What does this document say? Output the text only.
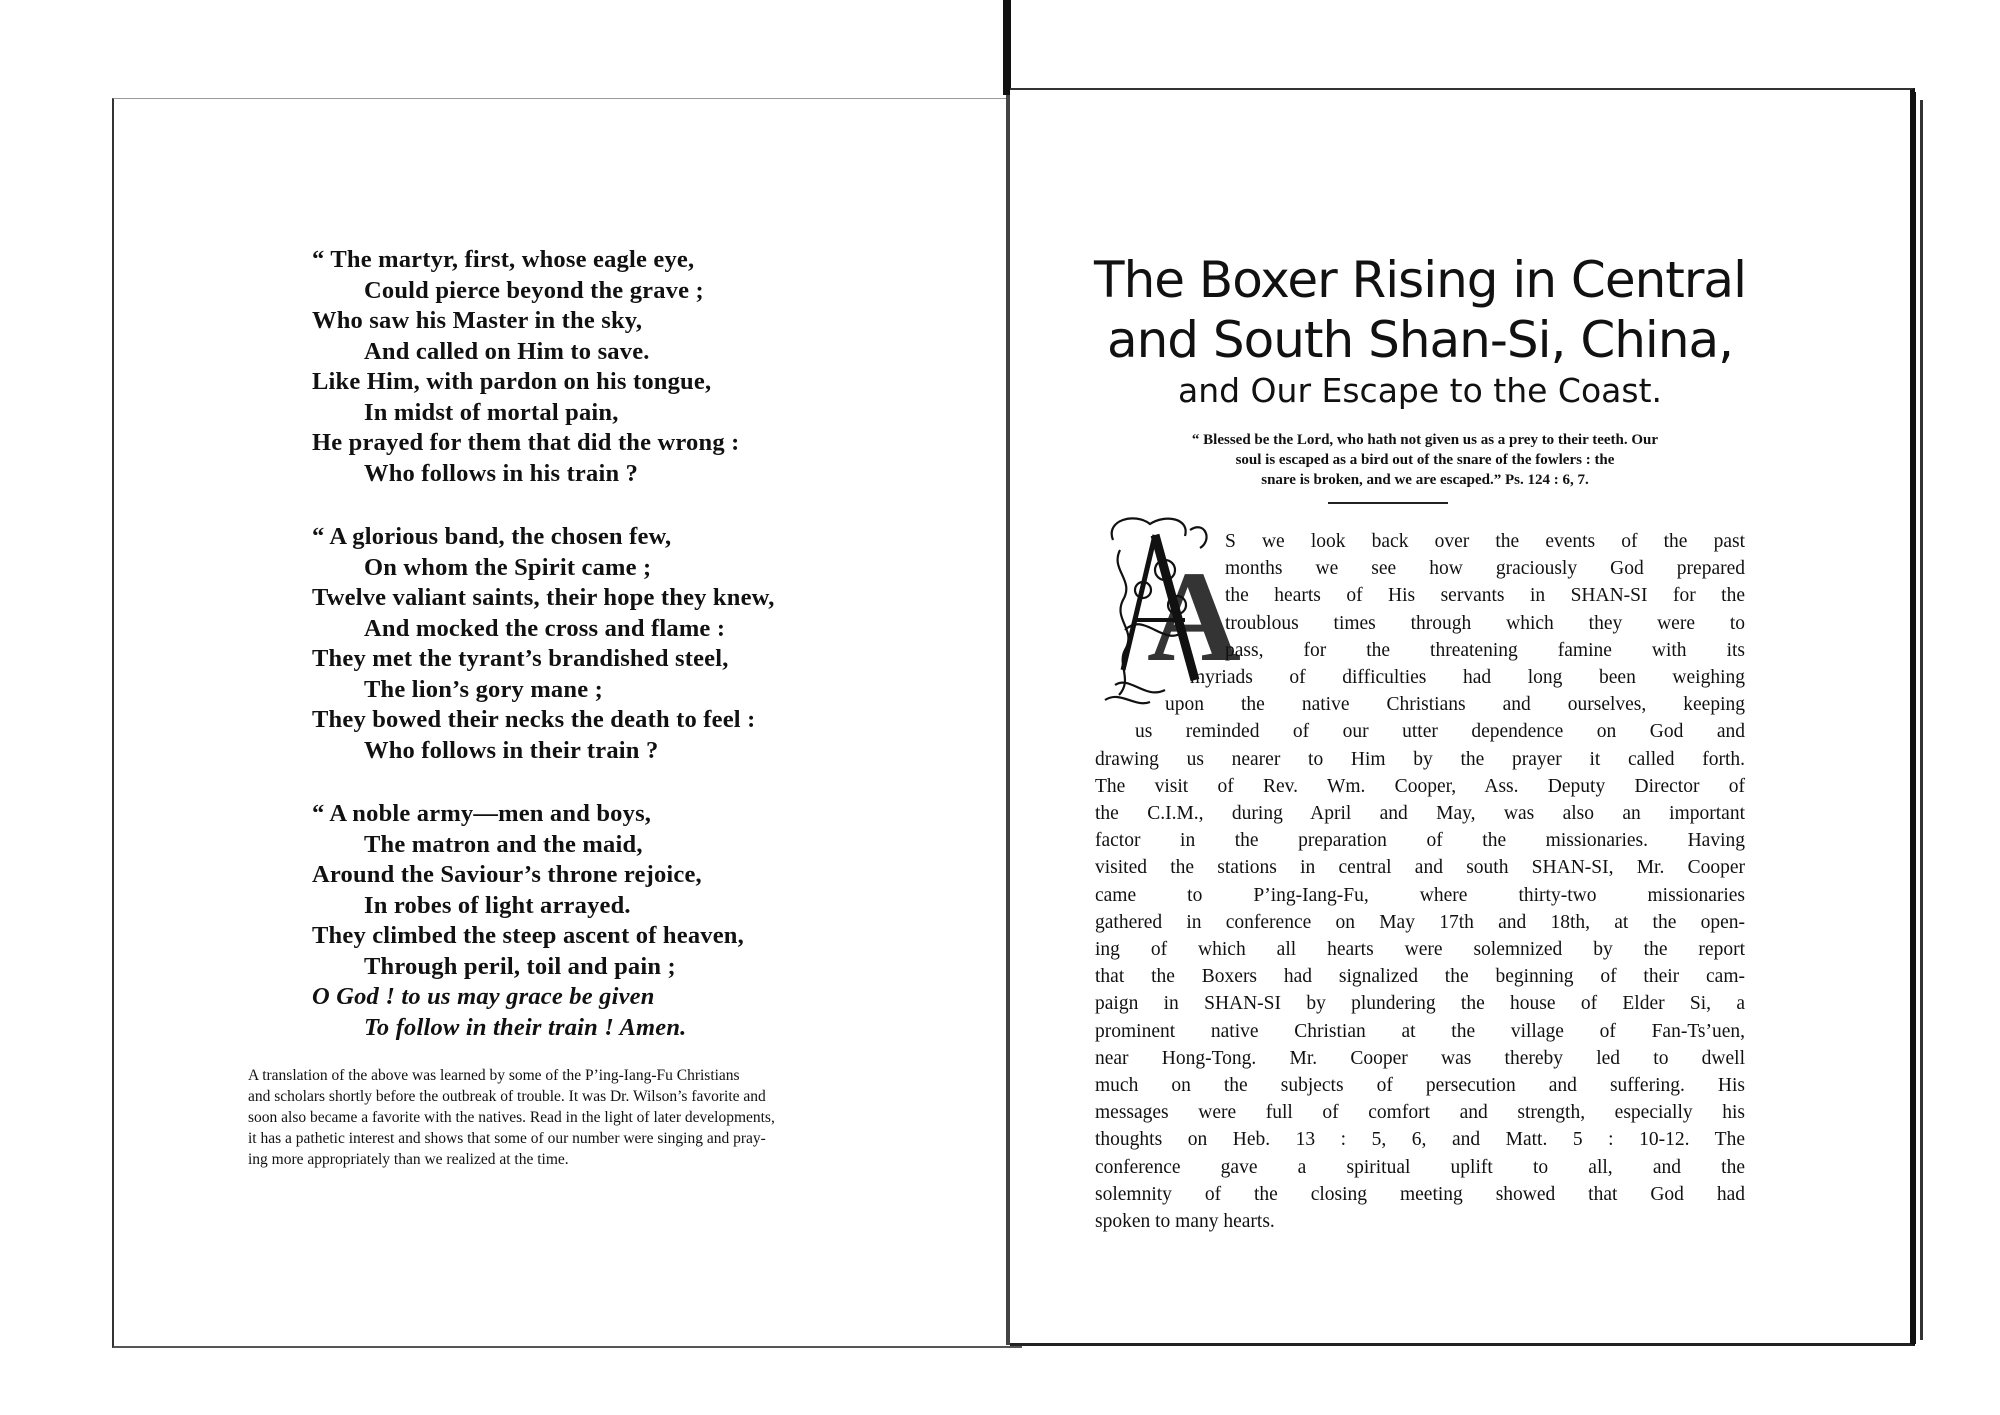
“ The martyr, first, whose eagle eye,
Could pierce beyond the grave ;
Who saw his Master in the sky,
And called on Him to save.
Like Him, with pardon on his tongue,
In midst of mortal pain,
He prayed for them that did the wrong :
Who follows in his train ?
“ A glorious band, the chosen few,
On whom the Spirit came ;
Twelve valiant saints, their hope they knew,
And mocked the cross and flame :
They met the tyrant’s brandished steel,
The lion’s gory mane ;
They bowed their necks the death to feel :
Who follows in their train ?
“ A noble army—men and boys,
The matron and the maid,
Around the Saviour’s throne rejoice,
In robes of light arrayed.
They climbed the steep ascent of heaven,
Through peril, toil and pain ;
O God ! to us may grace be given
To follow in their train ! Amen.
A translation of the above was learned by some of the P’ing-Iang-Fu Christians
and scholars shortly before the outbreak of trouble. It was Dr. Wilson’s favorite and
soon also became a favorite with the natives. Read in the light of later developments,
it has a pathetic interest and shows that some of our number were singing and pray-
ing more appropriately than we realized at the time.
The Boxer Rising in Central
and South Shan-Si, China,
and Our Escape to the Coast.
“ Blessed be the Lord, who hath not given us as a prey to their teeth. Our
soul is escaped as a bird out of the snare of the fowlers : the
snare is broken, and we are escaped.” Ps. 124 : 6, 7.
A
S we look back over the events of the past
months we see how graciously God prepared
the hearts of His servants in SHAN-SI for the
troublous times through which they were to
pass, for the threatening famine with its
myriads of difficulties had long been weighing
upon the native Christians and ourselves, keeping
us reminded of our utter dependence on God and
drawing us nearer to Him by the prayer it called forth.
The visit of Rev. Wm. Cooper, Ass. Deputy Director of
the C.I.M., during April and May, was also an important
factor in the preparation of the missionaries. Having
visited the stations in central and south SHAN-SI, Mr. Cooper
came to P’ing-Iang-Fu, where thirty-two missionaries
gathered in conference on May 17th and 18th, at the open-
ing of which all hearts were solemnized by the report
that the Boxers had signalized the beginning of their cam-
paign in SHAN-SI by plundering the house of Elder Si, a
prominent native Christian at the village of Fan-Ts’uen,
near Hong-Tong. Mr. Cooper was thereby led to dwell
much on the subjects of persecution and suffering. His
messages were full of comfort and strength, especially his
thoughts on Heb. 13 : 5, 6, and Matt. 5 : 10-12. The
conference gave a spiritual uplift to all, and the
solemnity of the closing meeting showed that God had
spoken to many hearts.
